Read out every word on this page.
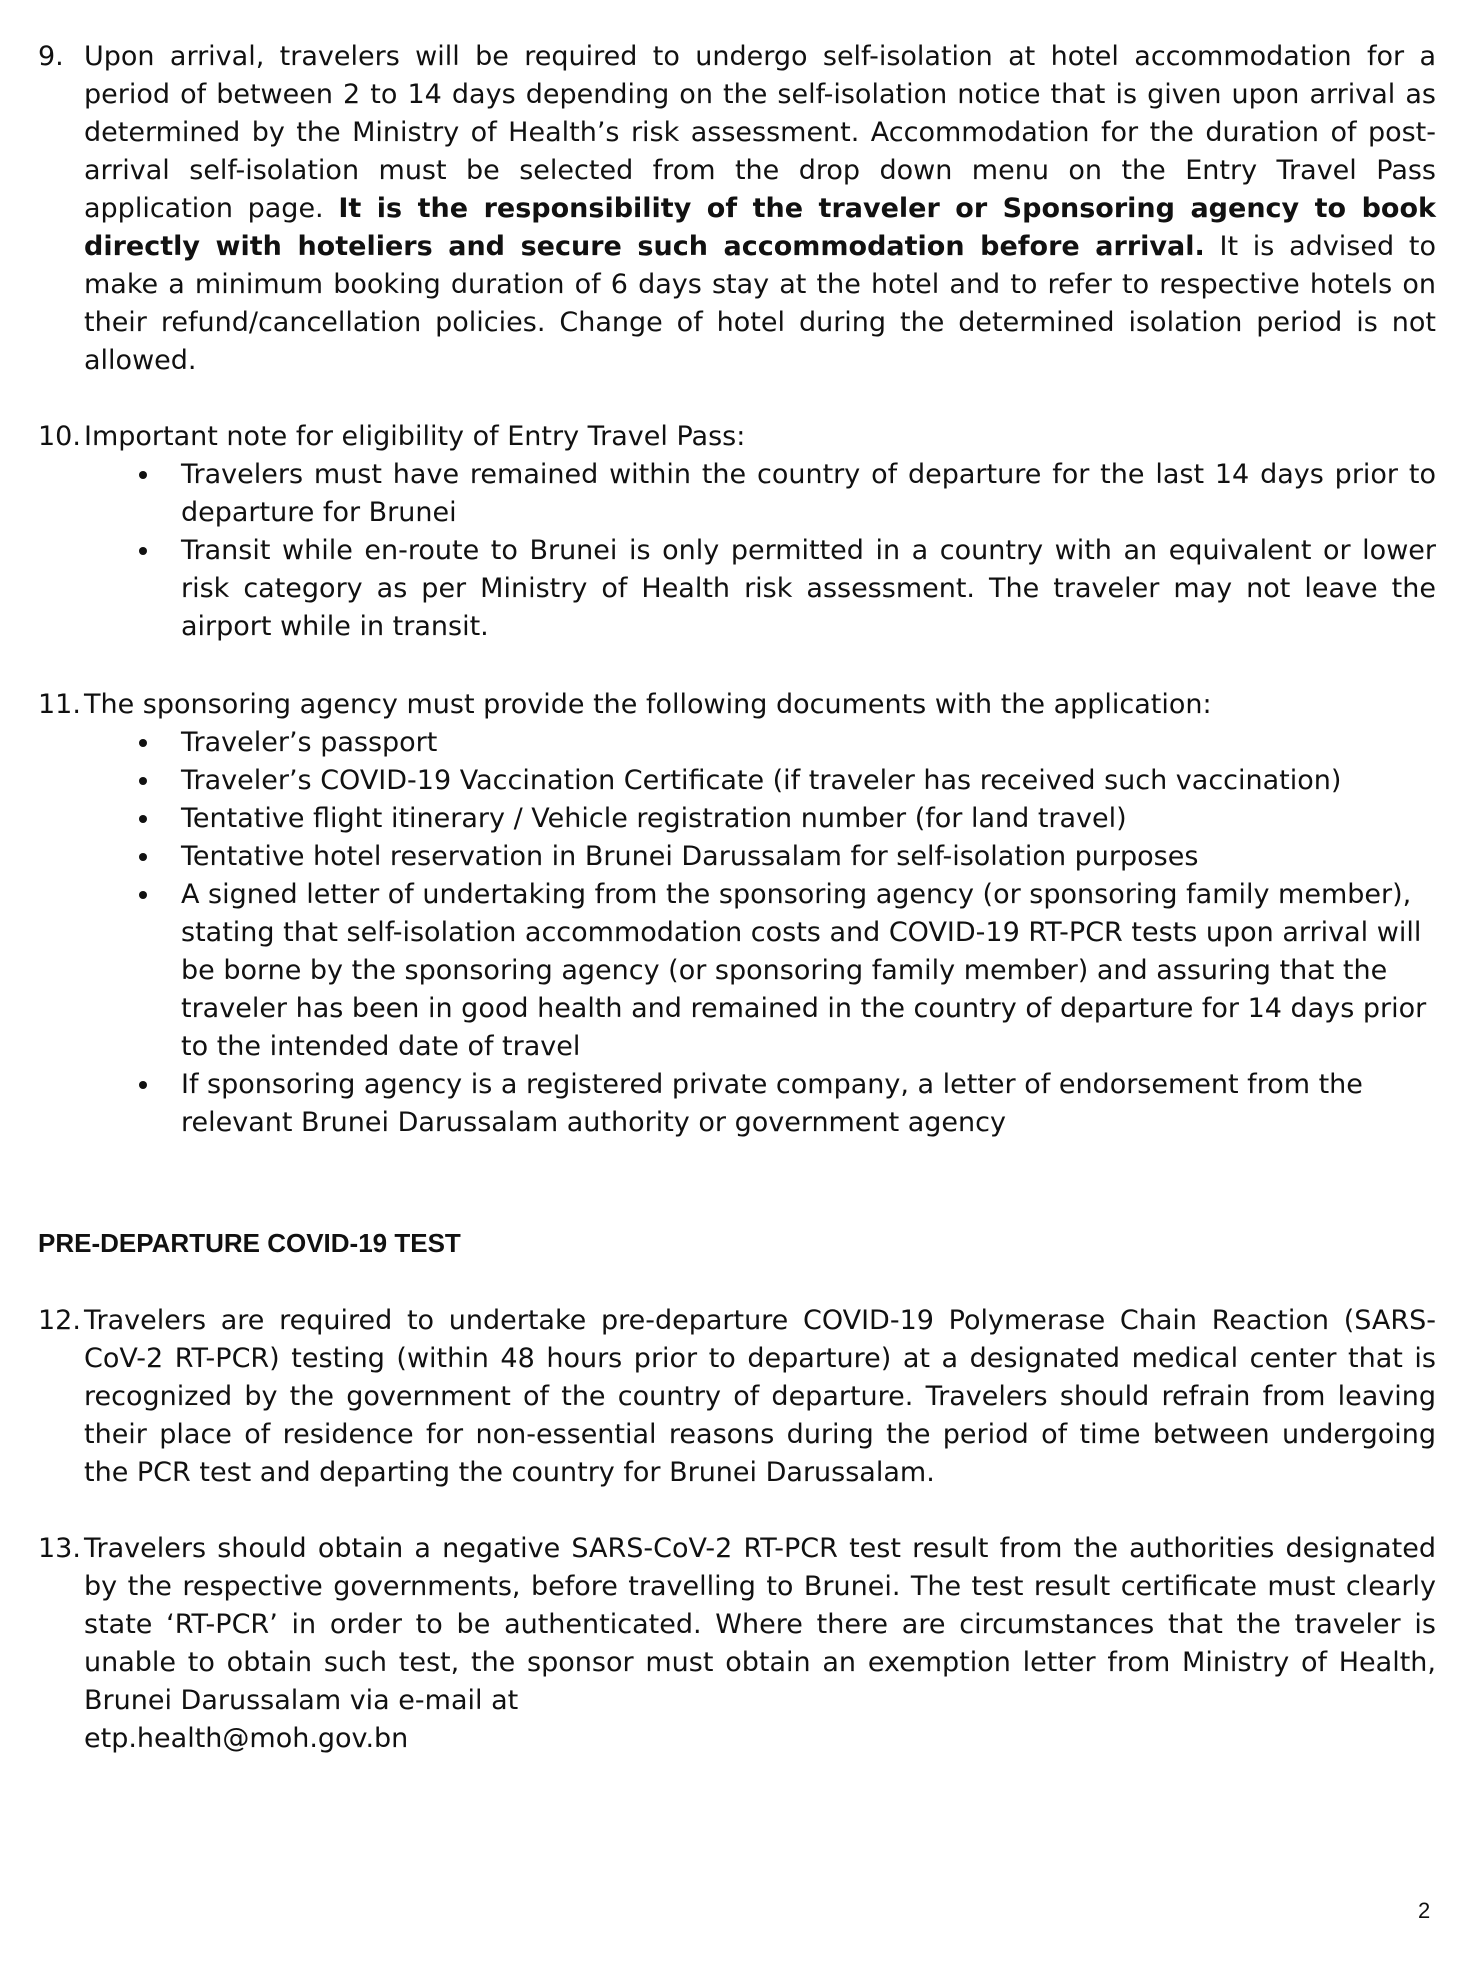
9. Upon arrival, travelers will be required to undergo self-isolation at hotel accommodation for a period of between 2 to 14 days depending on the self-isolation notice that is given upon arrival as determined by the Ministry of Health’s risk assessment. Accommodation for the duration of post-arrival self-isolation must be selected from the drop down menu on the Entry Travel Pass application page. It is the responsibility of the traveler or Sponsoring agency to book directly with hoteliers and secure such accommodation before arrival. It is advised to make a minimum booking duration of 6 days stay at the hotel and to refer to respective hotels on their refund/cancellation policies. Change of hotel during the determined isolation period is not allowed.
10. Important note for eligibility of Entry Travel Pass:
Travelers must have remained within the country of departure for the last 14 days prior to departure for Brunei
Transit while en-route to Brunei is only permitted in a country with an equivalent or lower risk category as per Ministry of Health risk assessment. The traveler may not leave the airport while in transit.
11. The sponsoring agency must provide the following documents with the application:
Traveler’s passport
Traveler’s COVID-19 Vaccination Certificate (if traveler has received such vaccination)
Tentative flight itinerary / Vehicle registration number (for land travel)
Tentative hotel reservation in Brunei Darussalam for self-isolation purposes
A signed letter of undertaking from the sponsoring agency (or sponsoring family member), stating that self-isolation accommodation costs and COVID-19 RT-PCR tests upon arrival will be borne by the sponsoring agency (or sponsoring family member) and assuring that the traveler has been in good health and remained in the country of departure for 14 days prior to the intended date of travel
If sponsoring agency is a registered private company, a letter of endorsement from the relevant Brunei Darussalam authority or government agency
PRE-DEPARTURE COVID-19 TEST
12. Travelers are required to undertake pre-departure COVID-19 Polymerase Chain Reaction (SARS-CoV-2 RT-PCR) testing (within 48 hours prior to departure) at a designated medical center that is recognized by the government of the country of departure. Travelers should refrain from leaving their place of residence for non-essential reasons during the period of time between undergoing the PCR test and departing the country for Brunei Darussalam.
13. Travelers should obtain a negative SARS-CoV-2 RT-PCR test result from the authorities designated by the respective governments, before travelling to Brunei. The test result certificate must clearly state ‘RT-PCR’ in order to be authenticated. Where there are circumstances that the traveler is unable to obtain such test, the sponsor must obtain an exemption letter from Ministry of Health, Brunei Darussalam via e-mail at
etp.health@moh.gov.bn
2
